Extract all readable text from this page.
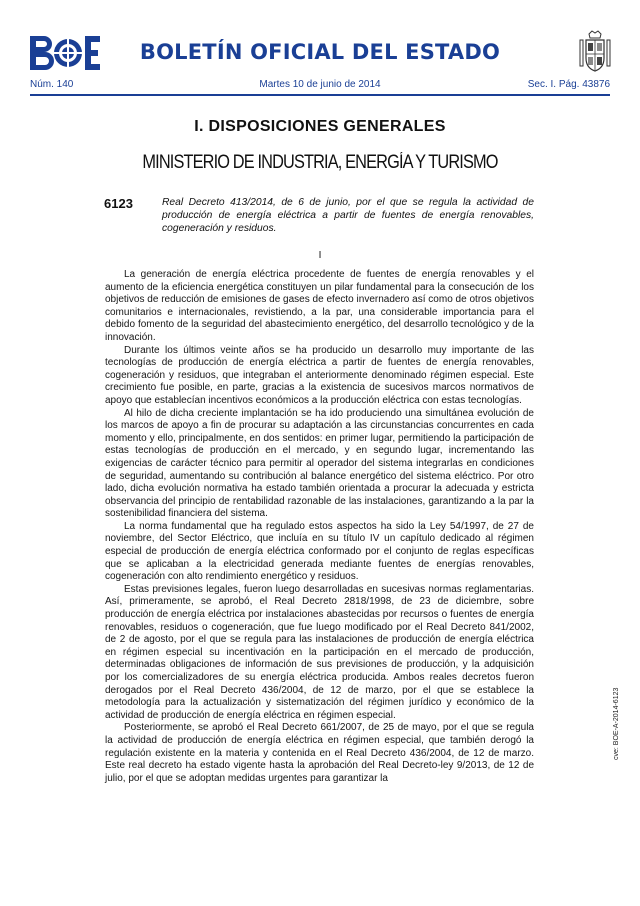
BOLETÍN OFICIAL DEL ESTADO
Núm. 140	Martes 10 de junio de 2014	Sec. I. Pág. 43876
I. DISPOSICIONES GENERALES
MINISTERIO DE INDUSTRIA, ENERGÍA Y TURISMO
6123	Real Decreto 413/2014, de 6 de junio, por el que se regula la actividad de producción de energía eléctrica a partir de fuentes de energía renovables, cogeneración y residuos.
I

La generación de energía eléctrica procedente de fuentes de energía renovables y el aumento de la eficiencia energética constituyen un pilar fundamental para la consecución de los objetivos de reducción de emisiones de gases de efecto invernadero así como de otros objetivos comunitarios e internacionales, revistiendo, a la par, una considerable importancia para el debido fomento de la seguridad del abastecimiento energético, del desarrollo tecnológico y de la innovación.

Durante los últimos veinte años se ha producido un desarrollo muy importante de las tecnologías de producción de energía eléctrica a partir de fuentes de energía renovables, cogeneración y residuos, que integraban el anteriormente denominado régimen especial. Este crecimiento fue posible, en parte, gracias a la existencia de sucesivos marcos normativos de apoyo que establecían incentivos económicos a la producción eléctrica con estas tecnologías.

Al hilo de dicha creciente implantación se ha ido produciendo una simultánea evolución de los marcos de apoyo a fin de procurar su adaptación a las circunstancias concurrentes en cada momento y ello, principalmente, en dos sentidos: en primer lugar, permitiendo la participación de estas tecnologías de producción en el mercado, y en segundo lugar, incrementando las exigencias de carácter técnico para permitir al operador del sistema integrarlas en condiciones de seguridad, aumentando su contribución al balance energético del sistema eléctrico. Por otro lado, dicha evolución normativa ha estado también orientada a procurar la adecuada y estricta observancia del principio de rentabilidad razonable de las instalaciones, garantizando a la par la sostenibilidad financiera del sistema.

La norma fundamental que ha regulado estos aspectos ha sido la Ley 54/1997, de 27 de noviembre, del Sector Eléctrico, que incluía en su título IV un capítulo dedicado al régimen especial de producción de energía eléctrica conformado por el conjunto de reglas específicas que se aplicaban a la electricidad generada mediante fuentes de energías renovables, cogeneración con alto rendimiento energético y residuos.

Estas previsiones legales, fueron luego desarrolladas en sucesivas normas reglamentarias. Así, primeramente, se aprobó, el Real Decreto 2818/1998, de 23 de diciembre, sobre producción de energía eléctrica por instalaciones abastecidas por recursos o fuentes de energía renovables, residuos o cogeneración, que fue luego modificado por el Real Decreto 841/2002, de 2 de agosto, por el que se regula para las instalaciones de producción de energía eléctrica en régimen especial su incentivación en la participación en el mercado de producción, determinadas obligaciones de información de sus previsiones de producción, y la adquisición por los comercializadores de su energía eléctrica producida. Ambos reales decretos fueron derogados por el Real Decreto 436/2004, de 12 de marzo, por el que se establece la metodología para la actualización y sistematización del régimen jurídico y económico de la actividad de producción de energía eléctrica en régimen especial.

Posteriormente, se aprobó el Real Decreto 661/2007, de 25 de mayo, por el que se regula la actividad de producción de energía eléctrica en régimen especial, que también derogó la regulación existente en la materia y contenida en el Real Decreto 436/2004, de 12 de marzo. Este real decreto ha estado vigente hasta la aprobación del Real Decreto-ley 9/2013, de 12 de julio, por el que se adoptan medidas urgentes para garantizar la

cve: BOE-A-2014-6123
